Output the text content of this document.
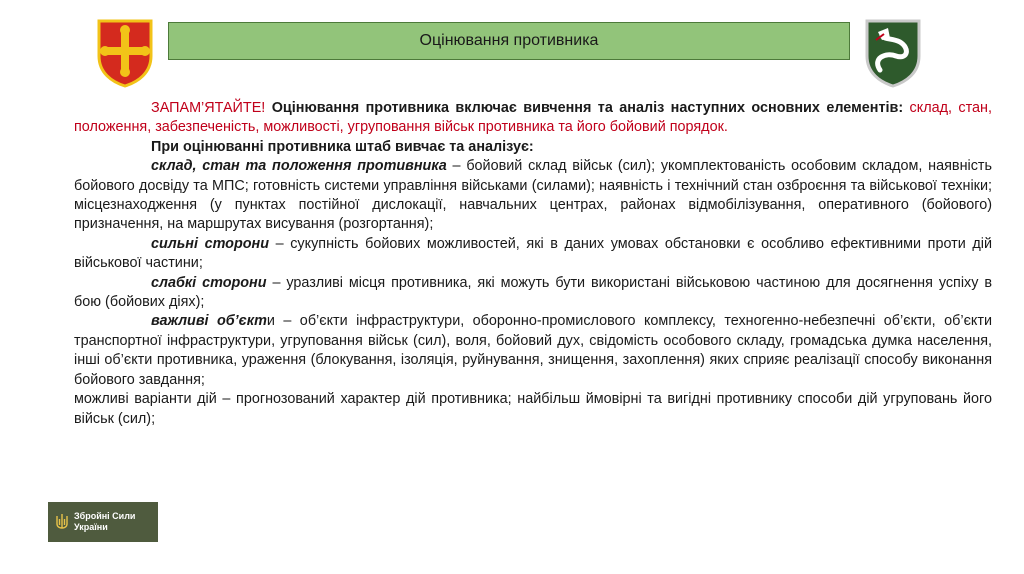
Оцінювання противника

ЗАПАМ’ЯТАЙТЕ! Оцінювання противника включає вивчення та аналіз наступних основних елементів: склад, стан, положення, забезпеченість, можливості, угруповання військ противника та його бойовий порядок.

При оцінюванні противника штаб вивчає та аналізує:

склад, стан та положення противника – бойовий склад військ (сил); укомплектованість особовим складом, наявність бойового досвіду та МПС; готовність системи управління військами (силами); наявність і технічний стан озброєння та військової техніки; місцезнаходження (у пунктах постійної дислокації, навчальних центрах, районах відмобілізування, оперативного (бойового) призначення, на маршрутах висування (розгортання);

сильні сторони – сукупність бойових можливостей, які в даних умовах обстановки є особливо ефективними проти дій військової частини;

слабкі сторони – уразливі місця противника, які можуть бути використані військовою частиною для досягнення успіху в бою (бойових діях);

важливі об’єкти – об’єкти інфраструктури, оборонно-промислового комплексу, техногенно-небезпечні об’єкти, об’єкти транспортної інфраструктури, угруповання військ (сил), воля, бойовий дух, свідомість особового складу, громадська думка населення, інші об’єкти противника, ураження (блокування, ізоляція, руйнування, знищення, захоплення) яких сприяє реалізації способу виконання бойового завдання;

можливі варіанти дій – прогнозований характер дій противника; найбільш ймовірні та вигідні противнику способи дій угруповань його військ (сил);

Збройні Сили
України
